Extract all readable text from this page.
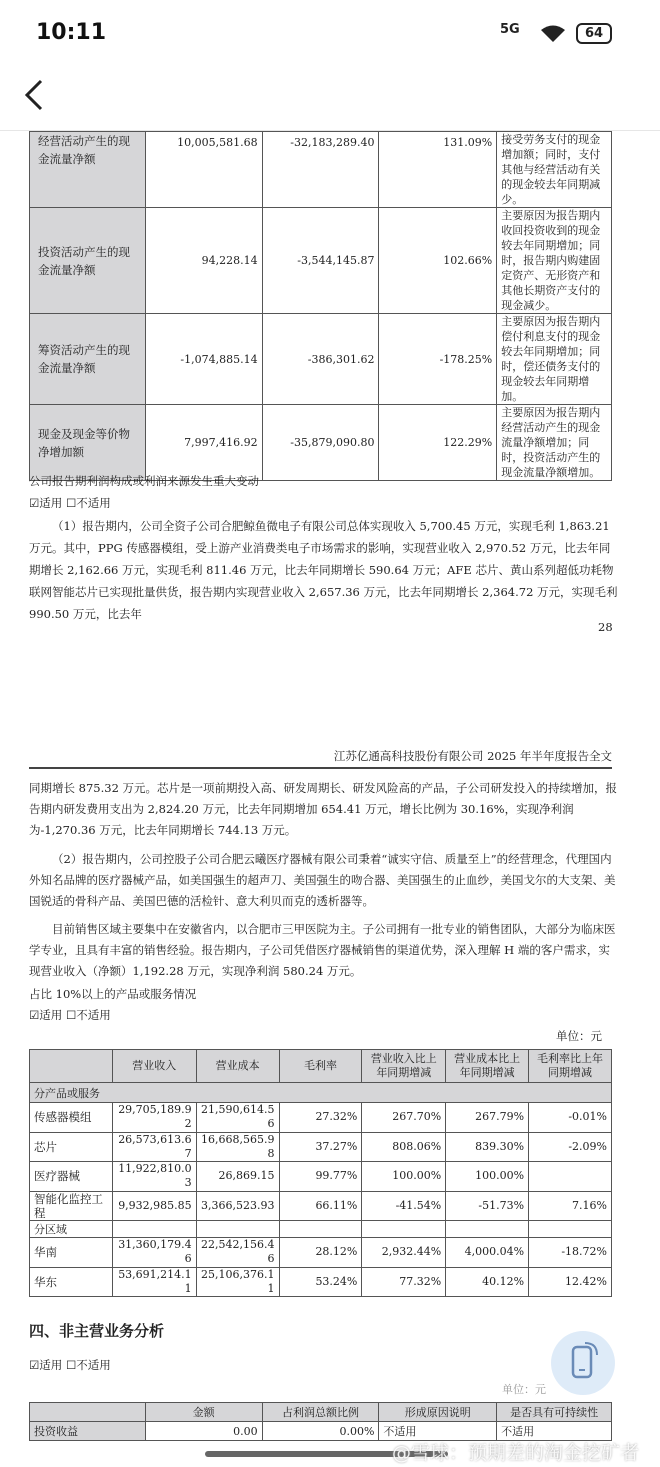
10:11	5G	64
经营活动产生的现金流量净额	10,005,581.68	-32,183,289.40	131.09%	接受劳务支付的现金增加额；同时，支付其他与经营活动有关的现金较去年同期减少。
投资活动产生的现金流量净额	94,228.14	-3,544,145.87	102.66%	主要原因为报告期内收回投资收到的现金较去年同期增加；同时，报告期内购建固定资产、无形资产和其他长期资产支付的现金减少。
筹资活动产生的现金流量净额	-1,074,885.14	-386,301.62	-178.25%	主要原因为报告期内偿付利息支付的现金较去年同期增加；同时，偿还债务支付的现金较去年同期增加。
现金及现金等价物净增加额	7,997,416.92	-35,879,090.80	122.29%	主要原因为报告期内经营活动产生的现金流量净额增加；同时，投资活动产生的现金流量净额增加。
公司报告期利润构成或利润来源发生重大变动
☑适用 ☐不适用
（1）报告期内，公司全资子公司合肥鲸鱼微电子有限公司总体实现收入 5,700.45 万元，实现毛利 1,863.21 万元。其中，PPG 传感器模组，受上游产业消费类电子市场需求的影响，实现营业收入 2,970.52 万元，比去年同期增长 2,162.66 万元，实现毛利 811.46 万元，比去年同期增长 590.64 万元；AFE 芯片、黄山系列超低功耗物联网智能芯片已实现批量供货，报告期内实现营业收入 2,657.36 万元，比去年同期增长 2,364.72 万元，实现毛利 990.50 万元，比去年
28
江苏亿通高科技股份有限公司 2025 年半年度报告全文
同期增长 875.32 万元。芯片是一项前期投入高、研发周期长、研发风险高的产品，子公司研发投入的持续增加，报告期内研发费用支出为 2,824.20 万元，比去年同期增加 654.41 万元，增长比例为 30.16%，实现净利润为-1,270.36 万元，比去年同期增长 744.13 万元。
（2）报告期内，公司控股子公司合肥云曦医疗器械有限公司秉着“诚实守信、质量至上”的经营理念，代理国内外知名品牌的医疗器械产品，如美国强生的超声刀、美国强生的吻合器、美国强生的止血纱，美国戈尔的大支架、美国锐适的骨科产品、美国巴德的活检针、意大利贝而克的透析器等。
目前销售区域主要集中在安徽省内，以合肥市三甲医院为主。子公司拥有一批专业的销售团队，大部分为临床医学专业，且具有丰富的销售经验。报告期内，子公司凭借医疗器械销售的渠道优势，深入理解 H 端的客户需求，实现营业收入（净额）1,192.28 万元，实现净利润 580.24 万元。
占比 10%以上的产品或服务情况
☑适用 ☐不适用
单位：元
	营业收入	营业成本	毛利率	营业收入比上年同期增减	营业成本比上年同期增减	毛利率比上年同期增减
分产品或服务						
传感器模组	29,705,189.92	21,590,614.56	27.32%	267.70%	267.79%	-0.01%
芯片	26,573,613.67	16,668,565.98	37.27%	808.06%	839.30%	-2.09%
医疗器械	11,922,810.03	26,869.15	99.77%	100.00%	100.00%	
智能化监控工程	9,932,985.85	3,366,523.93	66.11%	-41.54%	-51.73%	7.16%
分区域						
华南	31,360,179.46	22,542,156.46	28.12%	2,932.44%	4,000.04%	-18.72%
华东	53,691,214.11	25,106,376.11	53.24%	77.32%	40.12%	12.42%
四、非主营业务分析
☑适用 ☐不适用
单位：元
	金额	占利润总额比例	形成原因说明	是否具有可持续性
投资收益	0.00	0.00%	不适用	不适用
@雪球：预期差的淘金挖矿者
